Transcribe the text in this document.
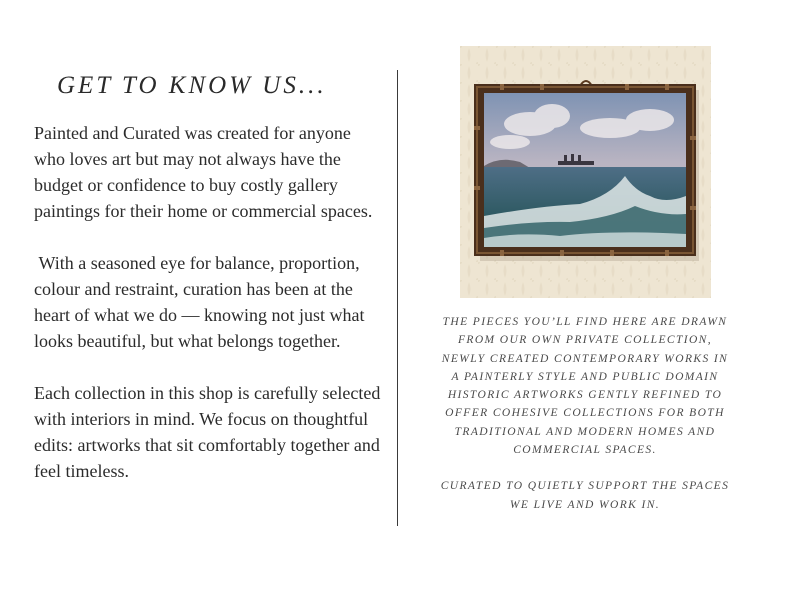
GET TO KNOW US...

Painted and Curated was created for anyone who loves art but may not always have the budget or confidence to buy costly gallery paintings for their home or commercial spaces.

With a seasoned eye for balance, proportion, colour and restraint, curation has been at the heart of what we do — knowing not just what looks beautiful, but what belongs together.

Each collection in this shop is carefully selected with interiors in mind. We focus on thoughtful edits: artworks that sit comfortably together and feel timeless.

THE PIECES YOU’LL FIND HERE ARE DRAWN FROM OUR OWN PRIVATE COLLECTION, NEWLY CREATED CONTEMPORARY WORKS IN A PAINTERLY STYLE AND PUBLIC DOMAIN HISTORIC ARTWORKS GENTLY REFINED TO OFFER COHESIVE COLLECTIONS FOR BOTH TRADITIONAL AND MODERN HOMES AND COMMERCIAL SPACES.

CURATED TO QUIETLY SUPPORT THE SPACES WE LIVE AND WORK IN.
